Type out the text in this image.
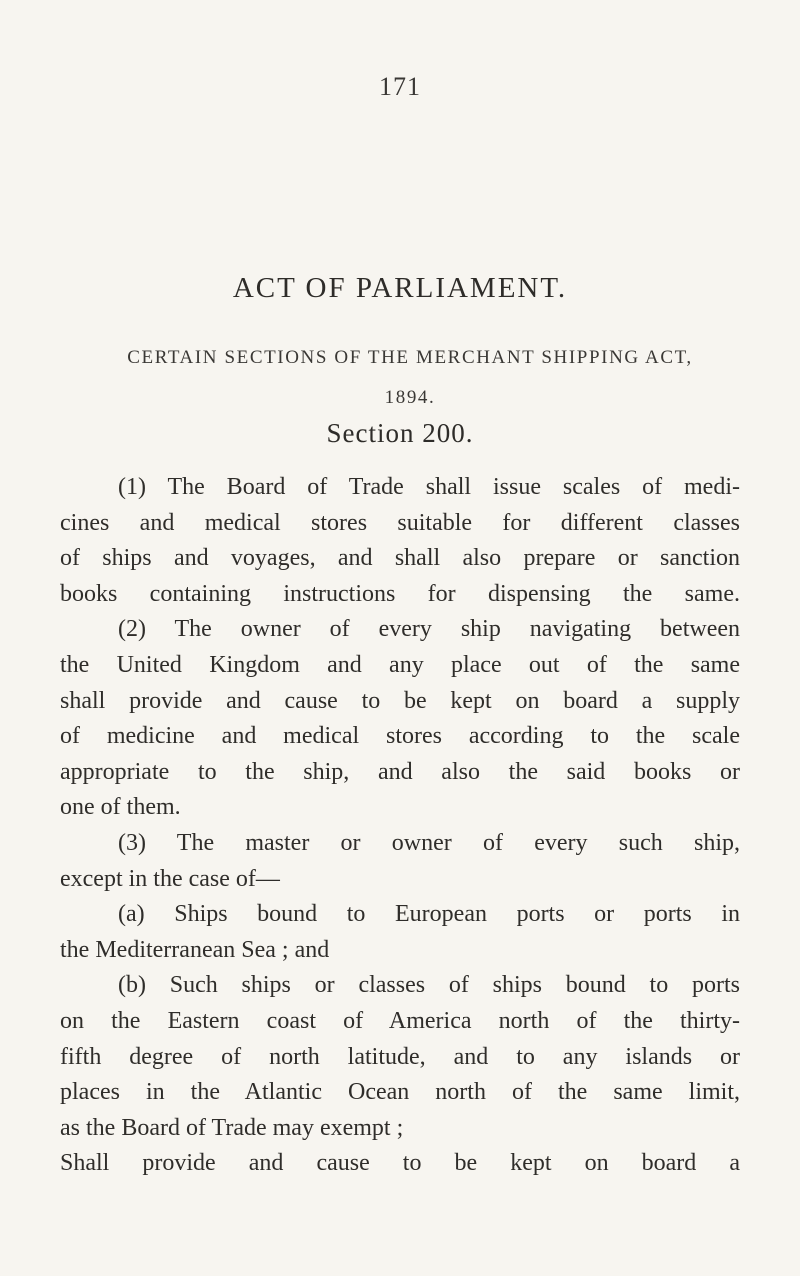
171
ACT OF PARLIAMENT.
CERTAIN SECTIONS OF THE MERCHANT SHIPPING ACT,
1894.
Section 200.
(1) The Board of Trade shall issue scales of medi-
cines and medical stores suitable for different classes
of ships and voyages, and shall also prepare or sanction
books containing instructions for dispensing the same.
(2) The owner of every ship navigating between
the United Kingdom and any place out of the same
shall provide and cause to be kept on board a supply
of medicine and medical stores according to the scale
appropriate to the ship, and also the said books or
one of them.
(3) The master or owner of every such ship,
except in the case of—
(a) Ships bound to European ports or ports in
the Mediterranean Sea ; and
(b) Such ships or classes of ships bound to ports
on the Eastern coast of America north of the thirty-
fifth degree of north latitude, and to any islands or
places in the Atlantic Ocean north of the same limit,
as the Board of Trade may exempt ;
Shall provide and cause to be kept on board a
